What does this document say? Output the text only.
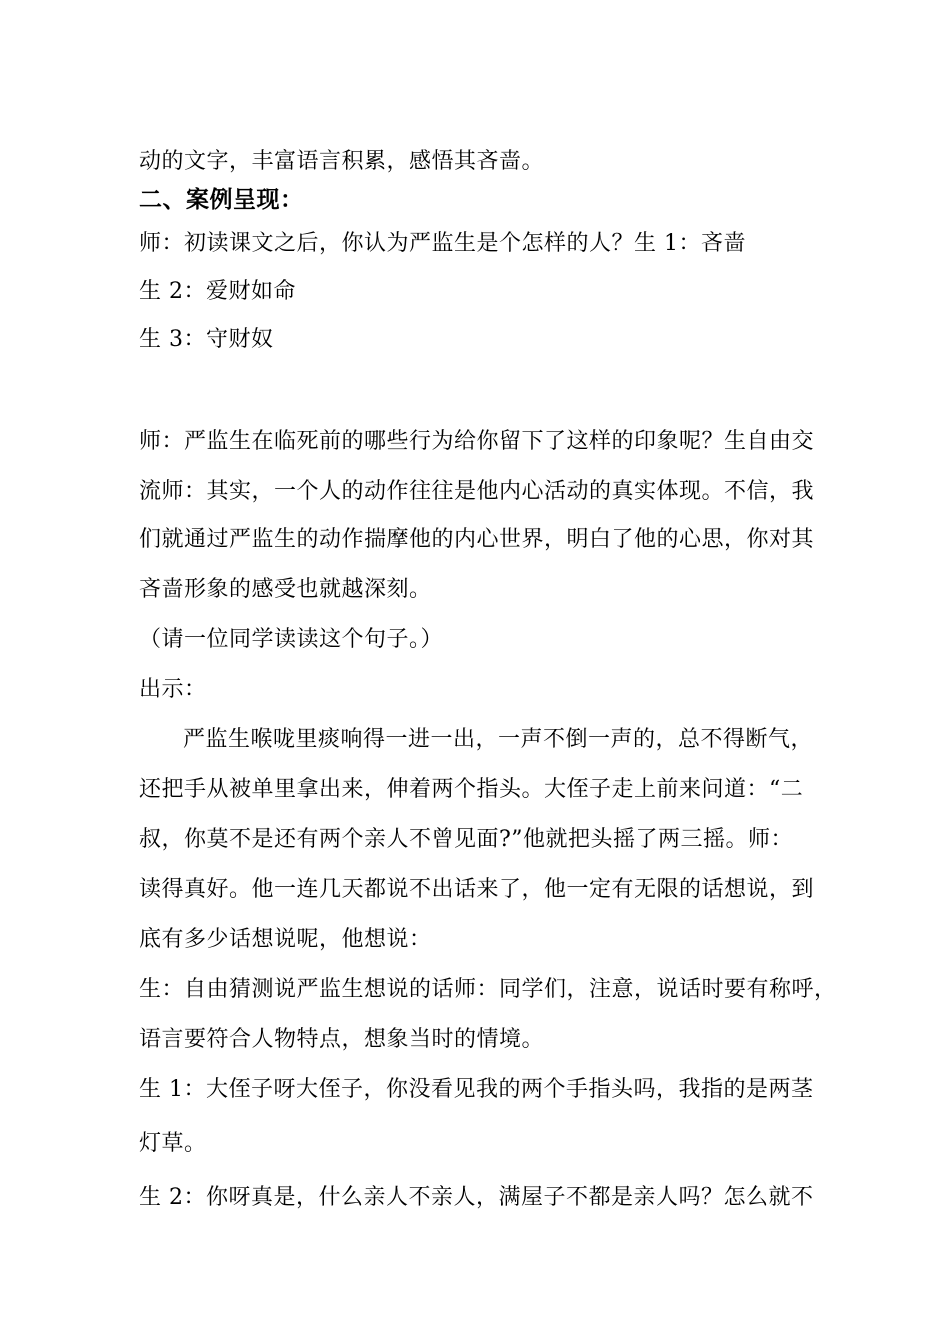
动的文字，丰富语言积累，感悟其吝啬。
二、案例呈现：
师：初读课文之后，你认为严监生是个怎样的人？生 1：吝啬
生 2：爱财如命
生 3：守财奴
师：严监生在临死前的哪些行为给你留下了这样的印象呢？生自由交
流师：其实，一个人的动作往往是他内心活动的真实体现。不信，我
们就通过严监生的动作揣摩他的内心世界，明白了他的心思，你对其
吝啬形象的感受也就越深刻。
（请一位同学读读这个句子。）
出示：
严监生喉咙里痰响得一进一出，一声不倒一声的，总不得断气，
还把手从被单里拿出来，伸着两个指头。大侄子走上前来问道：“二
叔，你莫不是还有两个亲人不曾见面?”他就把头摇了两三摇。师：
读得真好。他一连几天都说不出话来了，他一定有无限的话想说，到
底有多少话想说呢，他想说：
生：自由猜测说严监生想说的话师：同学们，注意，说话时要有称呼，
语言要符合人物特点，想象当时的情境。
生 1：大侄子呀大侄子，你没看见我的两个手指头吗，我指的是两茎
灯草。
生 2：你呀真是，什么亲人不亲人，满屋子不都是亲人吗？怎么就不
